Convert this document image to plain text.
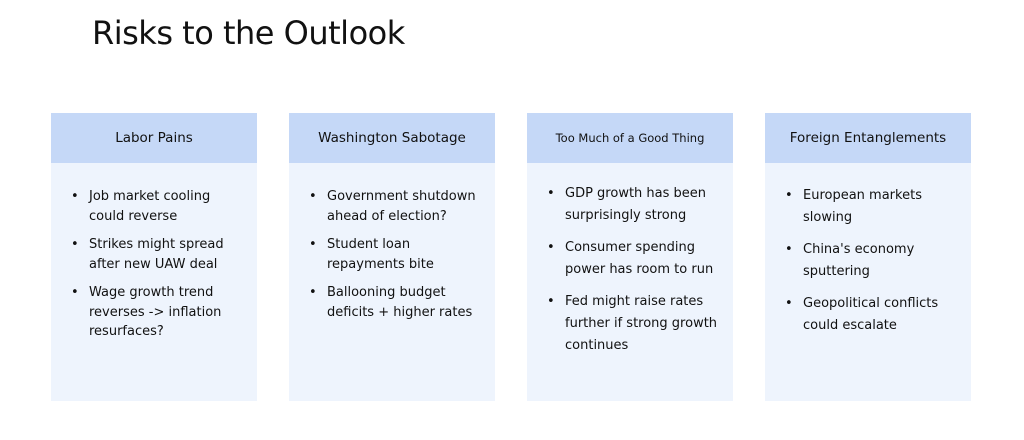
Risks to the Outlook
Labor Pains
• Job market cooling could reverse
• Strikes might spread after new UAW deal
• Wage growth trend reverses -> inflation resurfaces?
Washington Sabotage
• Government shutdown ahead of election?
• Student loan repayments bite
• Ballooning budget deficits + higher rates
Too Much of a Good Thing
• GDP growth has been surprisingly strong
• Consumer spending power has room to run
• Fed might raise rates further if strong growth continues
Foreign Entanglements
• European markets slowing
• China's economy sputtering
• Geopolitical conflicts could escalate
